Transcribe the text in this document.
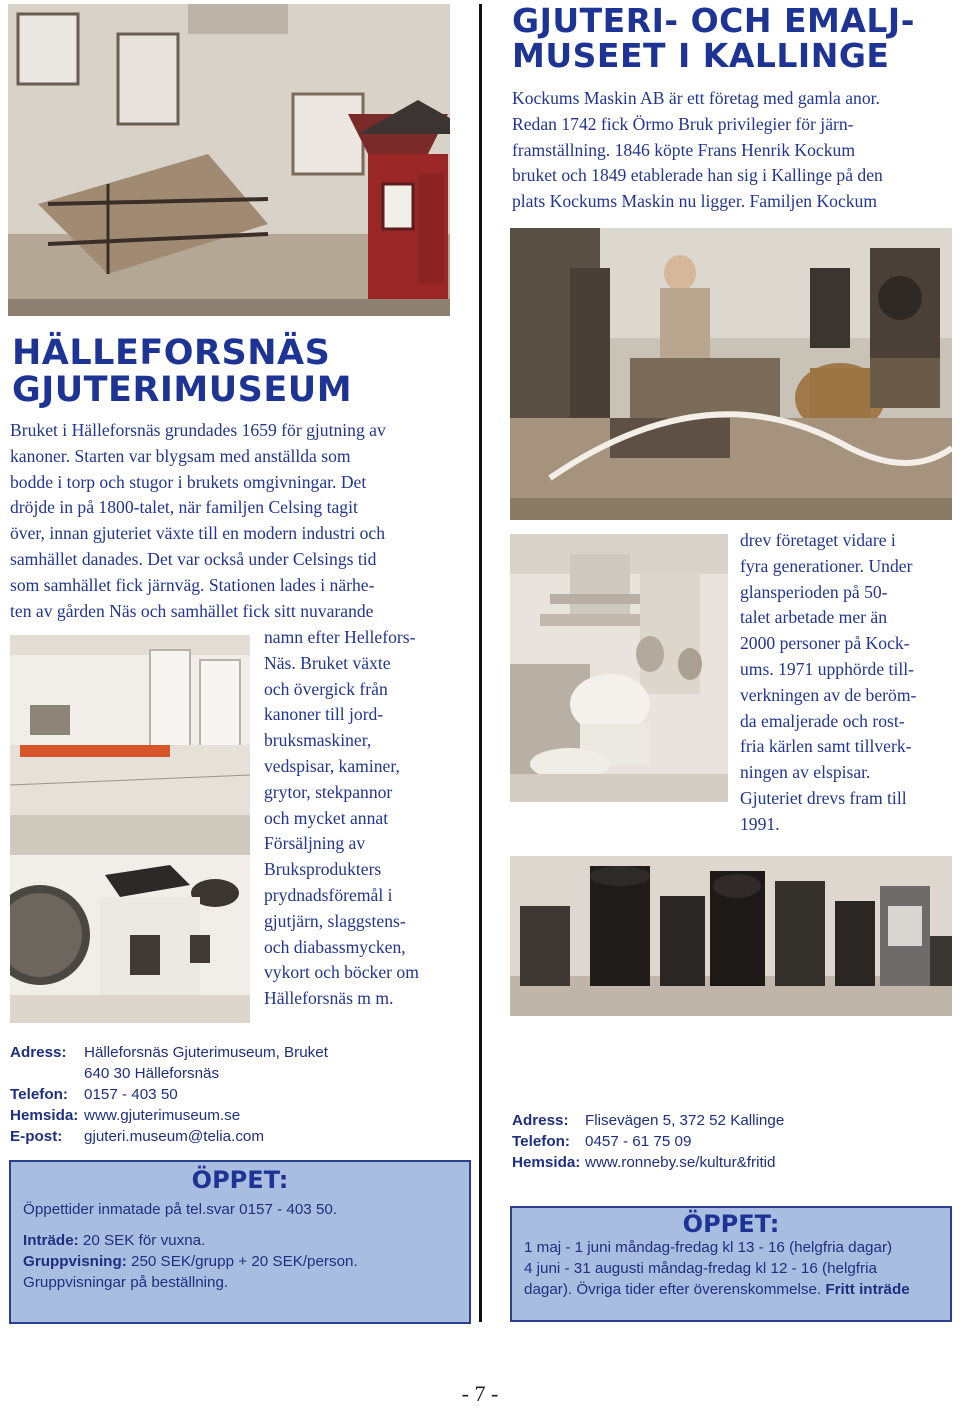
HÄLLEFORSNÄS
GJUTERIMUSEUM
Bruket i Hälleforsnäs grundades 1659 för gjutning av
kanoner. Starten var blygsam med anställda som
bodde i torp och stugor i brukets omgivningar. Det
dröjde in på 1800-talet, när familjen Celsing tagit
över, innan gjuteriet växte till en modern industri och
samhället danades. Det var också under Celsings tid
som samhället fick järnväg. Stationen lades i närhe-
ten av gården Näs och samhället fick sitt nuvarande
namn efter Hellefors-
Näs. Bruket växte
och övergick från
kanoner till jord-
bruksmaskiner,
vedspisar, kaminer,
grytor, stekpannor
och mycket annat
Försäljning av
Bruksprodukters
prydnadsföremål i
gjutjärn, slaggstens-
och diabassmycken,
vykort och böcker om
Hälleforsnäs m m.
Adress: Hälleforsnäs Gjuterimuseum, Bruket
640 30 Hälleforsnäs
Telefon: 0157 - 403 50
Hemsida: www.gjuterimuseum.se
E-post: gjuteri.museum@telia.com
ÖPPET:
Öppettider inmatade på tel.svar 0157 - 403 50.
Inträde: 20 SEK för vuxna.
Gruppvisning: 250 SEK/grupp + 20 SEK/person.
Gruppvisningar på beställning.
GJUTERI- OCH EMALJ-
MUSEET I KALLINGE
Kockums Maskin AB är ett företag med gamla anor.
Redan 1742 fick Örmo Bruk privilegier för järn-
framställning. 1846 köpte Frans Henrik Kockum
bruket och 1849 etablerade han sig i Kallinge på den
plats Kockums Maskin nu ligger. Familjen Kockum
drev företaget vidare i
fyra generationer. Under
glansperioden på 50-
talet arbetade mer än
2000 personer på Kock-
ums. 1971 upphörde till-
verkningen av de beröm-
da emaljerade och rost-
fria kärlen samt tillverk-
ningen av elspisar.
Gjuteriet drevs fram till
1991.
Adress: Flisevägen 5, 372 52 Kallinge
Telefon: 0457 - 61 75 09
Hemsida: www.ronneby.se/kultur&fritid
ÖPPET:
1 maj - 1 juni måndag-fredag kl 13 - 16 (helgfria dagar)
4 juni - 31 augusti måndag-fredag kl 12 - 16 (helgfria
dagar). Övriga tider efter överenskommelse. Fritt inträde
- 7 -
